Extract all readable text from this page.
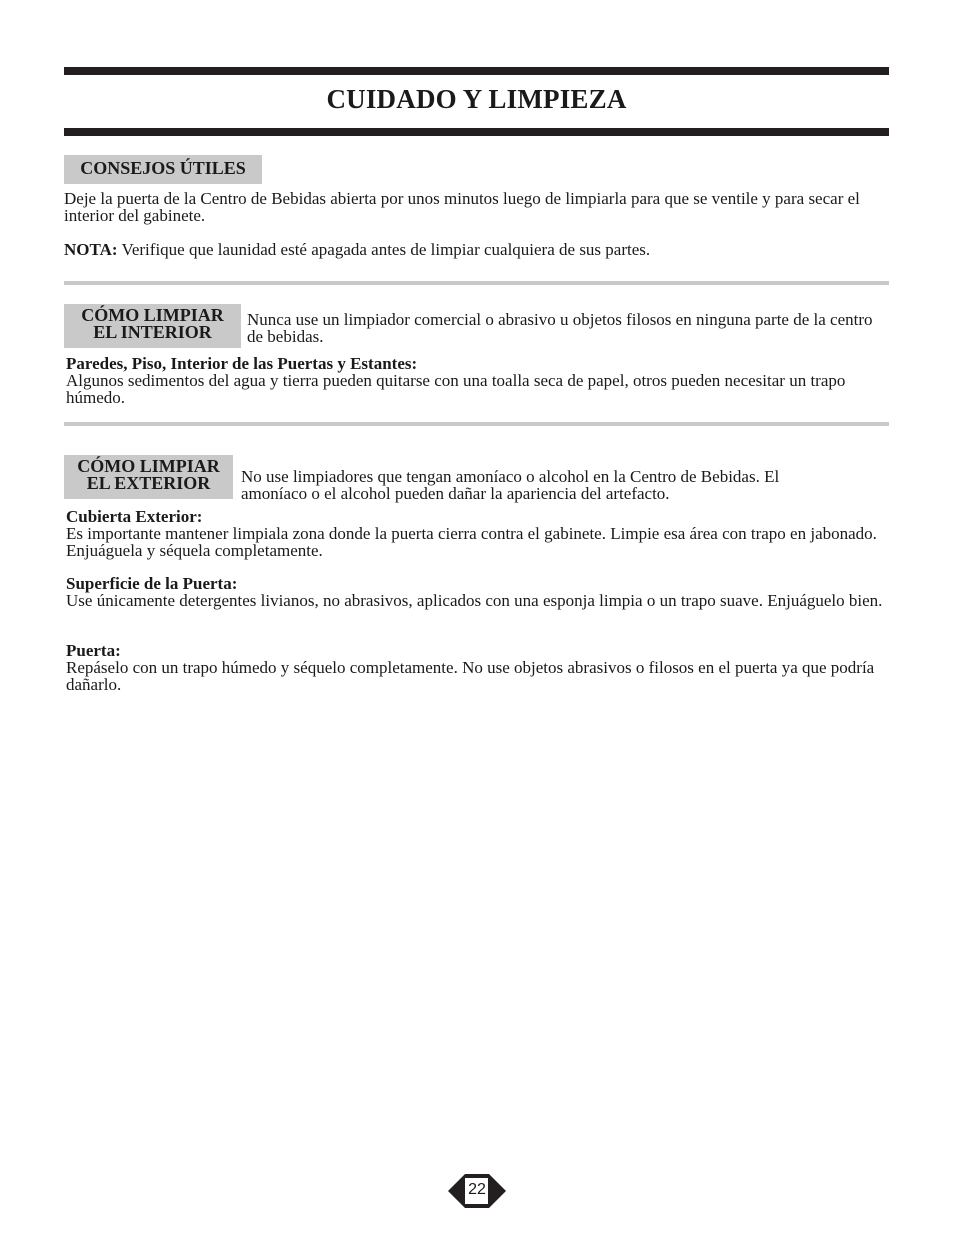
CUIDADO Y LIMPIEZA
CONSEJOS ÚTILES
Deje la puerta de la Centro de Bebidas abierta por unos minutos luego de limpiarla para que se ventile y para secar el interior del gabinete.
NOTA: Verifique que launidad esté apagada antes de limpiar cualquiera de sus partes.
CÓMO LIMPIAR
EL INTERIOR
Nunca use un limpiador comercial o abrasivo u objetos filosos en ninguna parte de la centro de bebidas.
Paredes, Piso, Interior de las Puertas y Estantes:
Algunos sedimentos del agua y tierra pueden quitarse con una toalla seca de papel, otros pueden necesitar un trapo húmedo.
CÓMO LIMPIAR
EL EXTERIOR	No use limpiadores que tengan amoníaco o alcohol en la Centro de Bebidas. El amoníaco o el alcohol pueden dañar la apariencia del artefacto.
Cubierta Exterior:
Es importante mantener limpiala zona donde la puerta cierra contra el gabinete. Limpie esa área con trapo en jabonado. Enjuáguela y séquela completamente.
Superficie de la Puerta:
Use únicamente detergentes livianos, no abrasivos, aplicados con una esponja limpia o un trapo suave. Enjuáguelo bien.
Puerta:
Repáselo con un trapo húmedo y séquelo completamente. No use objetos abrasivos o filosos en el puerta ya que podría dañarlo.
22
